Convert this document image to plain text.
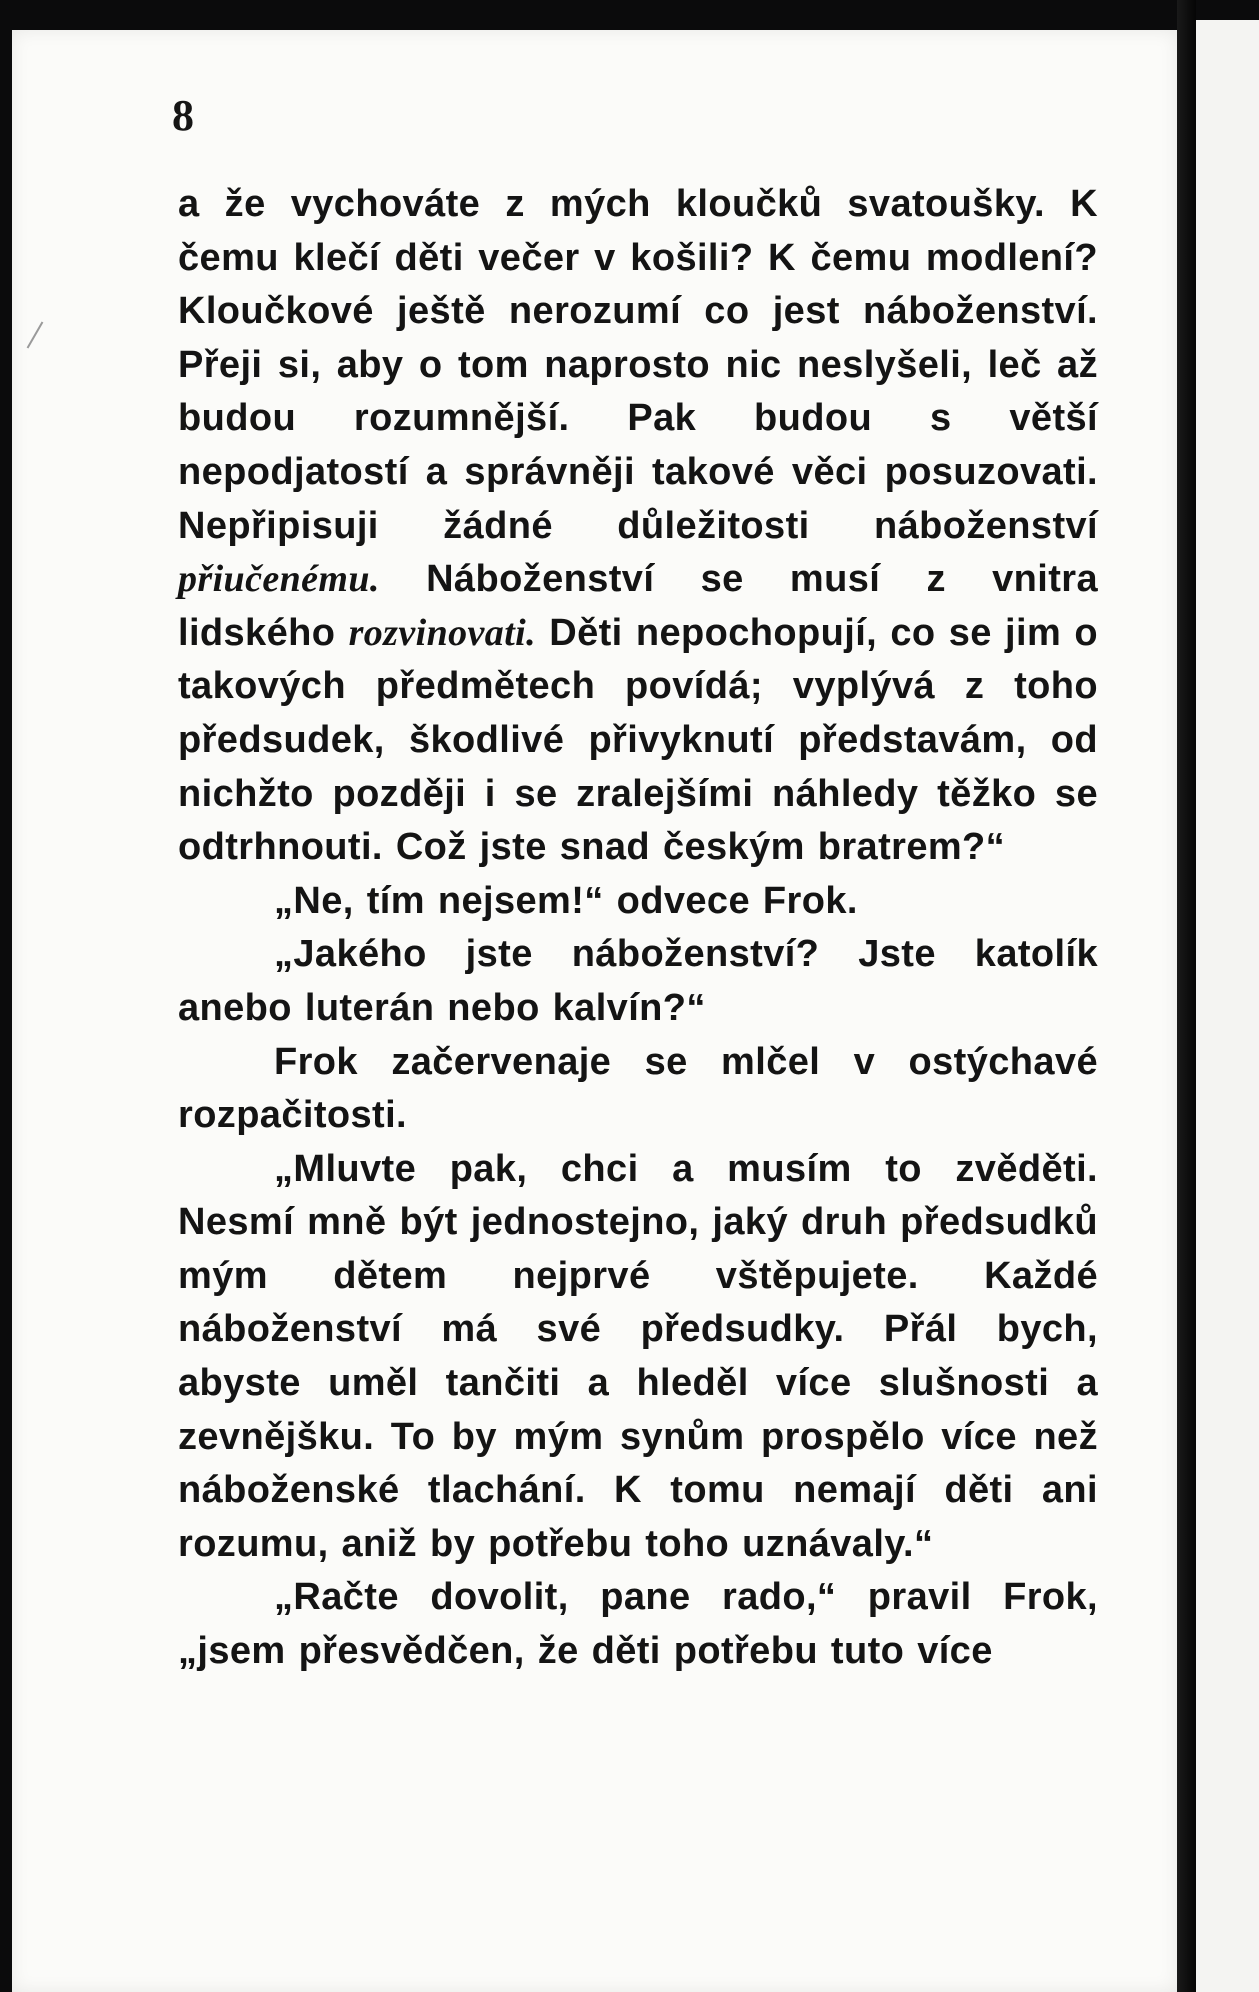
8

a že vychováte z mých kloučků svatoušky. K čemu klečí děti večer v košili? K čemu modlení? Kloučkové ještě nerozumí co jest náboženství. Přeji si, aby o tom naprosto nic neslyšeli, leč až budou rozumnější. Pak budou s větší nepodjatostí a správněji takové věci posuzovati. Nepřipisuji žádné důležitosti náboženství přiučenému. Náboženství se musí z vnitra lidského rozvinovati. Děti nepochopují, co se jim o takových předmětech povídá; vyplývá z toho předsudek, škodlivé přivyknutí představám, od nichžto později i se zralejšími náhledy těžko se odtrhnouti. Což jste snad českým bratrem?“

„Ne, tím nejsem!“ odvece Frok.

„Jakého jste náboženství? Jste katolík anebo luterán nebo kalvín?“

Frok začervenaje se mlčel v ostýchavé rozpačitosti.

„Mluvte pak, chci a musím to zvěděti. Nesmí mně být jednostejno, jaký druh předsudků mým dětem nejprvé vštěpujete. Každé náboženství má své předsudky. Přál bych, abyste uměl tančiti a hleděl více slušnosti a zevnějšku. To by mým synům prospělo více než náboženské tlachání. K tomu nemají děti ani rozumu, aniž by potřebu toho uznávaly.“

„Račte dovolit, pane rado,“ pravil Frok, „jsem přesvědčen, že děti potřebu tuto více
